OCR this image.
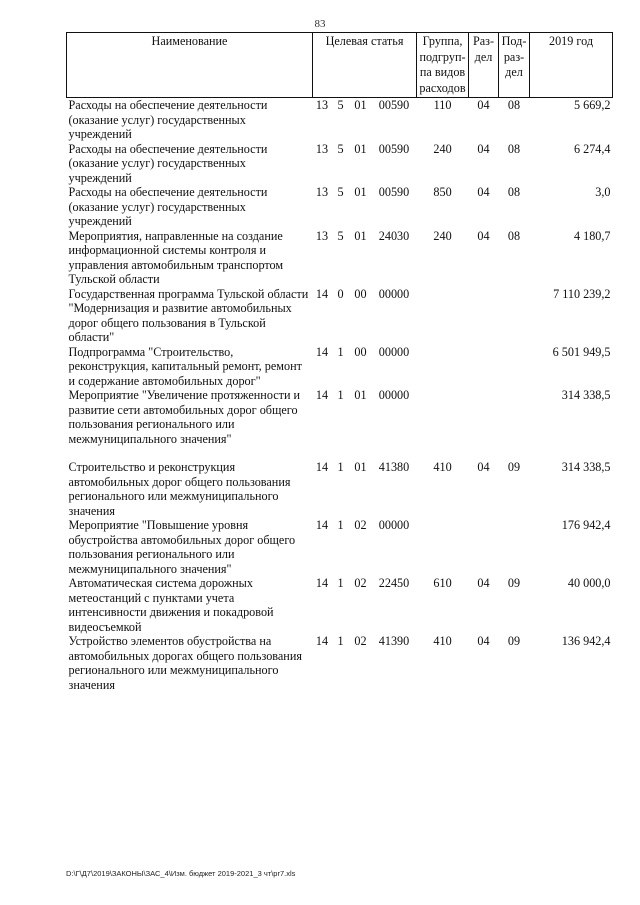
83
Наименование	Целевая статья				Группа, подгруп-па видов расходов	Раз-дел	Под-раз-дел	2019 год
Расходы на обеспечение деятельности (оказание услуг) государственных учреждений	13	5	01	00590	110	04	08	5 669,2
Расходы на обеспечение деятельности (оказание услуг) государственных учреждений	13	5	01	00590	240	04	08	6 274,4
Расходы на обеспечение деятельности (оказание услуг) государственных учреждений	13	5	01	00590	850	04	08	3,0
Мероприятия, направленные на создание информационной системы контроля и управления автомобильным транспортом Тульской области	13	5	01	24030	240	04	08	4 180,7
Государственная программа Тульской области "Модернизация и развитие автомобильных дорог общего пользования в Тульской области"	14	0	00	00000				7 110 239,2
Подпрограмма "Строительство, реконструкция, капитальный ремонт, ремонт и содержание автомобильных дорог"	14	1	00	00000				6 501 949,5
Мероприятие "Увеличение протяженности и развитие сети автомобильных дорог общего пользования регионального или межмуниципального значения"	14	1	01	00000				314 338,5

Строительство и реконструкция автомобильных дорог общего пользования регионального или межмуниципального значения	14	1	01	41380	410	04	09	314 338,5
Мероприятие "Повышение уровня обустройства автомобильных дорог общего пользования регионального или межмуниципального значения"	14	1	02	00000				176 942,4
Автоматическая система дорожных метеостанций с пунктами учета интенсивности движения и покадровой видеосъемкой	14	1	02	22450	610	04	09	40 000,0
Устройство элементов обустройства на автомобильных дорогах общего пользования регионального или межмуниципального значения	14	1	02	41390	410	04	09	136 942,4
D:\Г\Д7\2019\ЗАКОНЫ\ЗАС_4\Изм. бюджет 2019-2021_3 чт\pr7.xls
